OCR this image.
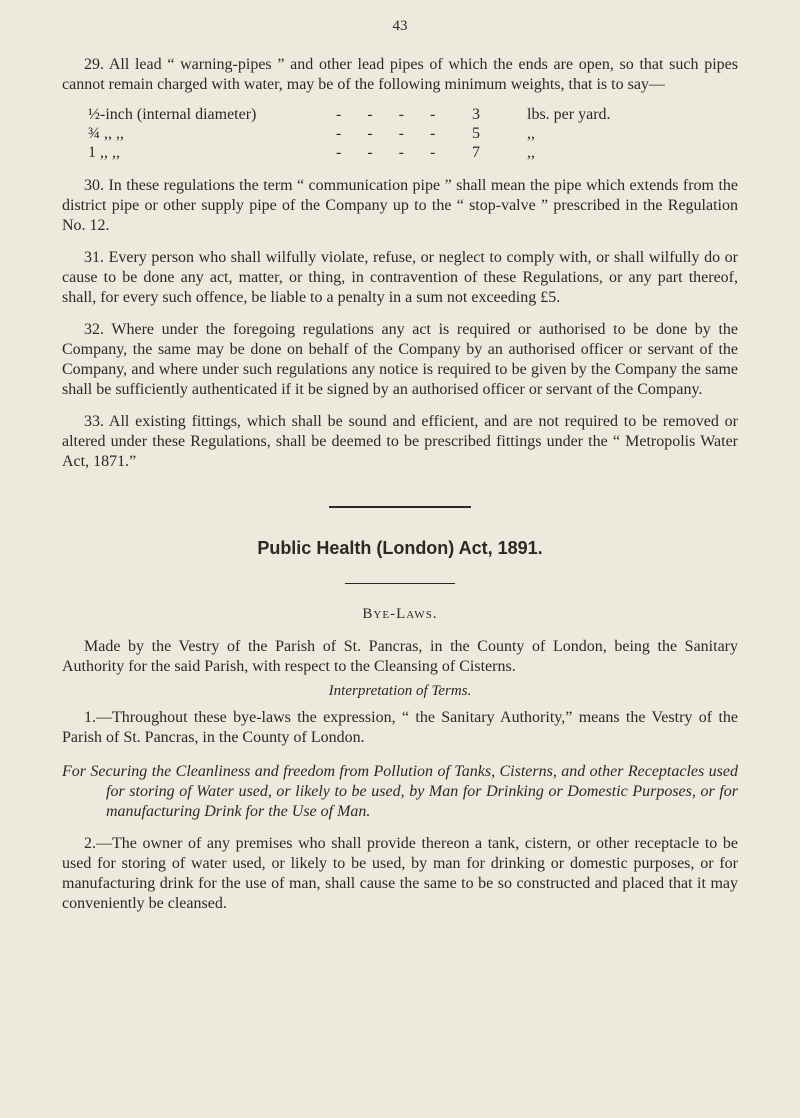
43

29. All lead “ warning-pipes ” and other lead pipes of which the ends are open, so that such pipes cannot remain charged with water, may be of the following minimum weights, that is to say—

½-inch (internal diameter)	- - - -	3	lbs. per yard.
¾ ,, ,,	- - - -	5	,,
1 ,, ,,	- - - -	7	,,

30. In these regulations the term “ communication pipe ” shall mean the pipe which extends from the district pipe or other supply pipe of the Company up to the “ stop-valve ” prescribed in the Regulation No. 12.

31. Every person who shall wilfully violate, refuse, or neglect to comply with, or shall wilfully do or cause to be done any act, matter, or thing, in contravention of these Regulations, or any part thereof, shall, for every such offence, be liable to a penalty in a sum not exceeding £5.

32. Where under the foregoing regulations any act is required or authorised to be done by the Company, the same may be done on behalf of the Company by an authorised officer or servant of the Company, and where under such regulations any notice is required to be given by the Company the same shall be sufficiently authenticated if it be signed by an authorised officer or servant of the Company.

33. All existing fittings, which shall be sound and efficient, and are not required to be removed or altered under these Regulations, shall be deemed to be prescribed fittings under the “ Metropolis Water Act, 1871.”

Public Health (London) Act, 1891.
Bye-Laws.

Made by the Vestry of the Parish of St. Pancras, in the County of London, being the Sanitary Authority for the said Parish, with respect to the Cleansing of Cisterns.

Interpretation of Terms.

1.—Throughout these bye-laws the expression, “ the Sanitary Authority,” means the Vestry of the Parish of St. Pancras, in the County of London.

For Securing the Cleanliness and freedom from Pollution of Tanks, Cisterns, and other Receptacles used for storing of Water used, or likely to be used, by Man for Drinking or Domestic Purposes, or for manufacturing Drink for the Use of Man.

2.—The owner of any premises who shall provide thereon a tank, cistern, or other receptacle to be used for storing of water used, or likely to be used, by man for drinking or domestic purposes, or for manufacturing drink for the use of man, shall cause the same to be so constructed and placed that it may conveniently be cleansed.
